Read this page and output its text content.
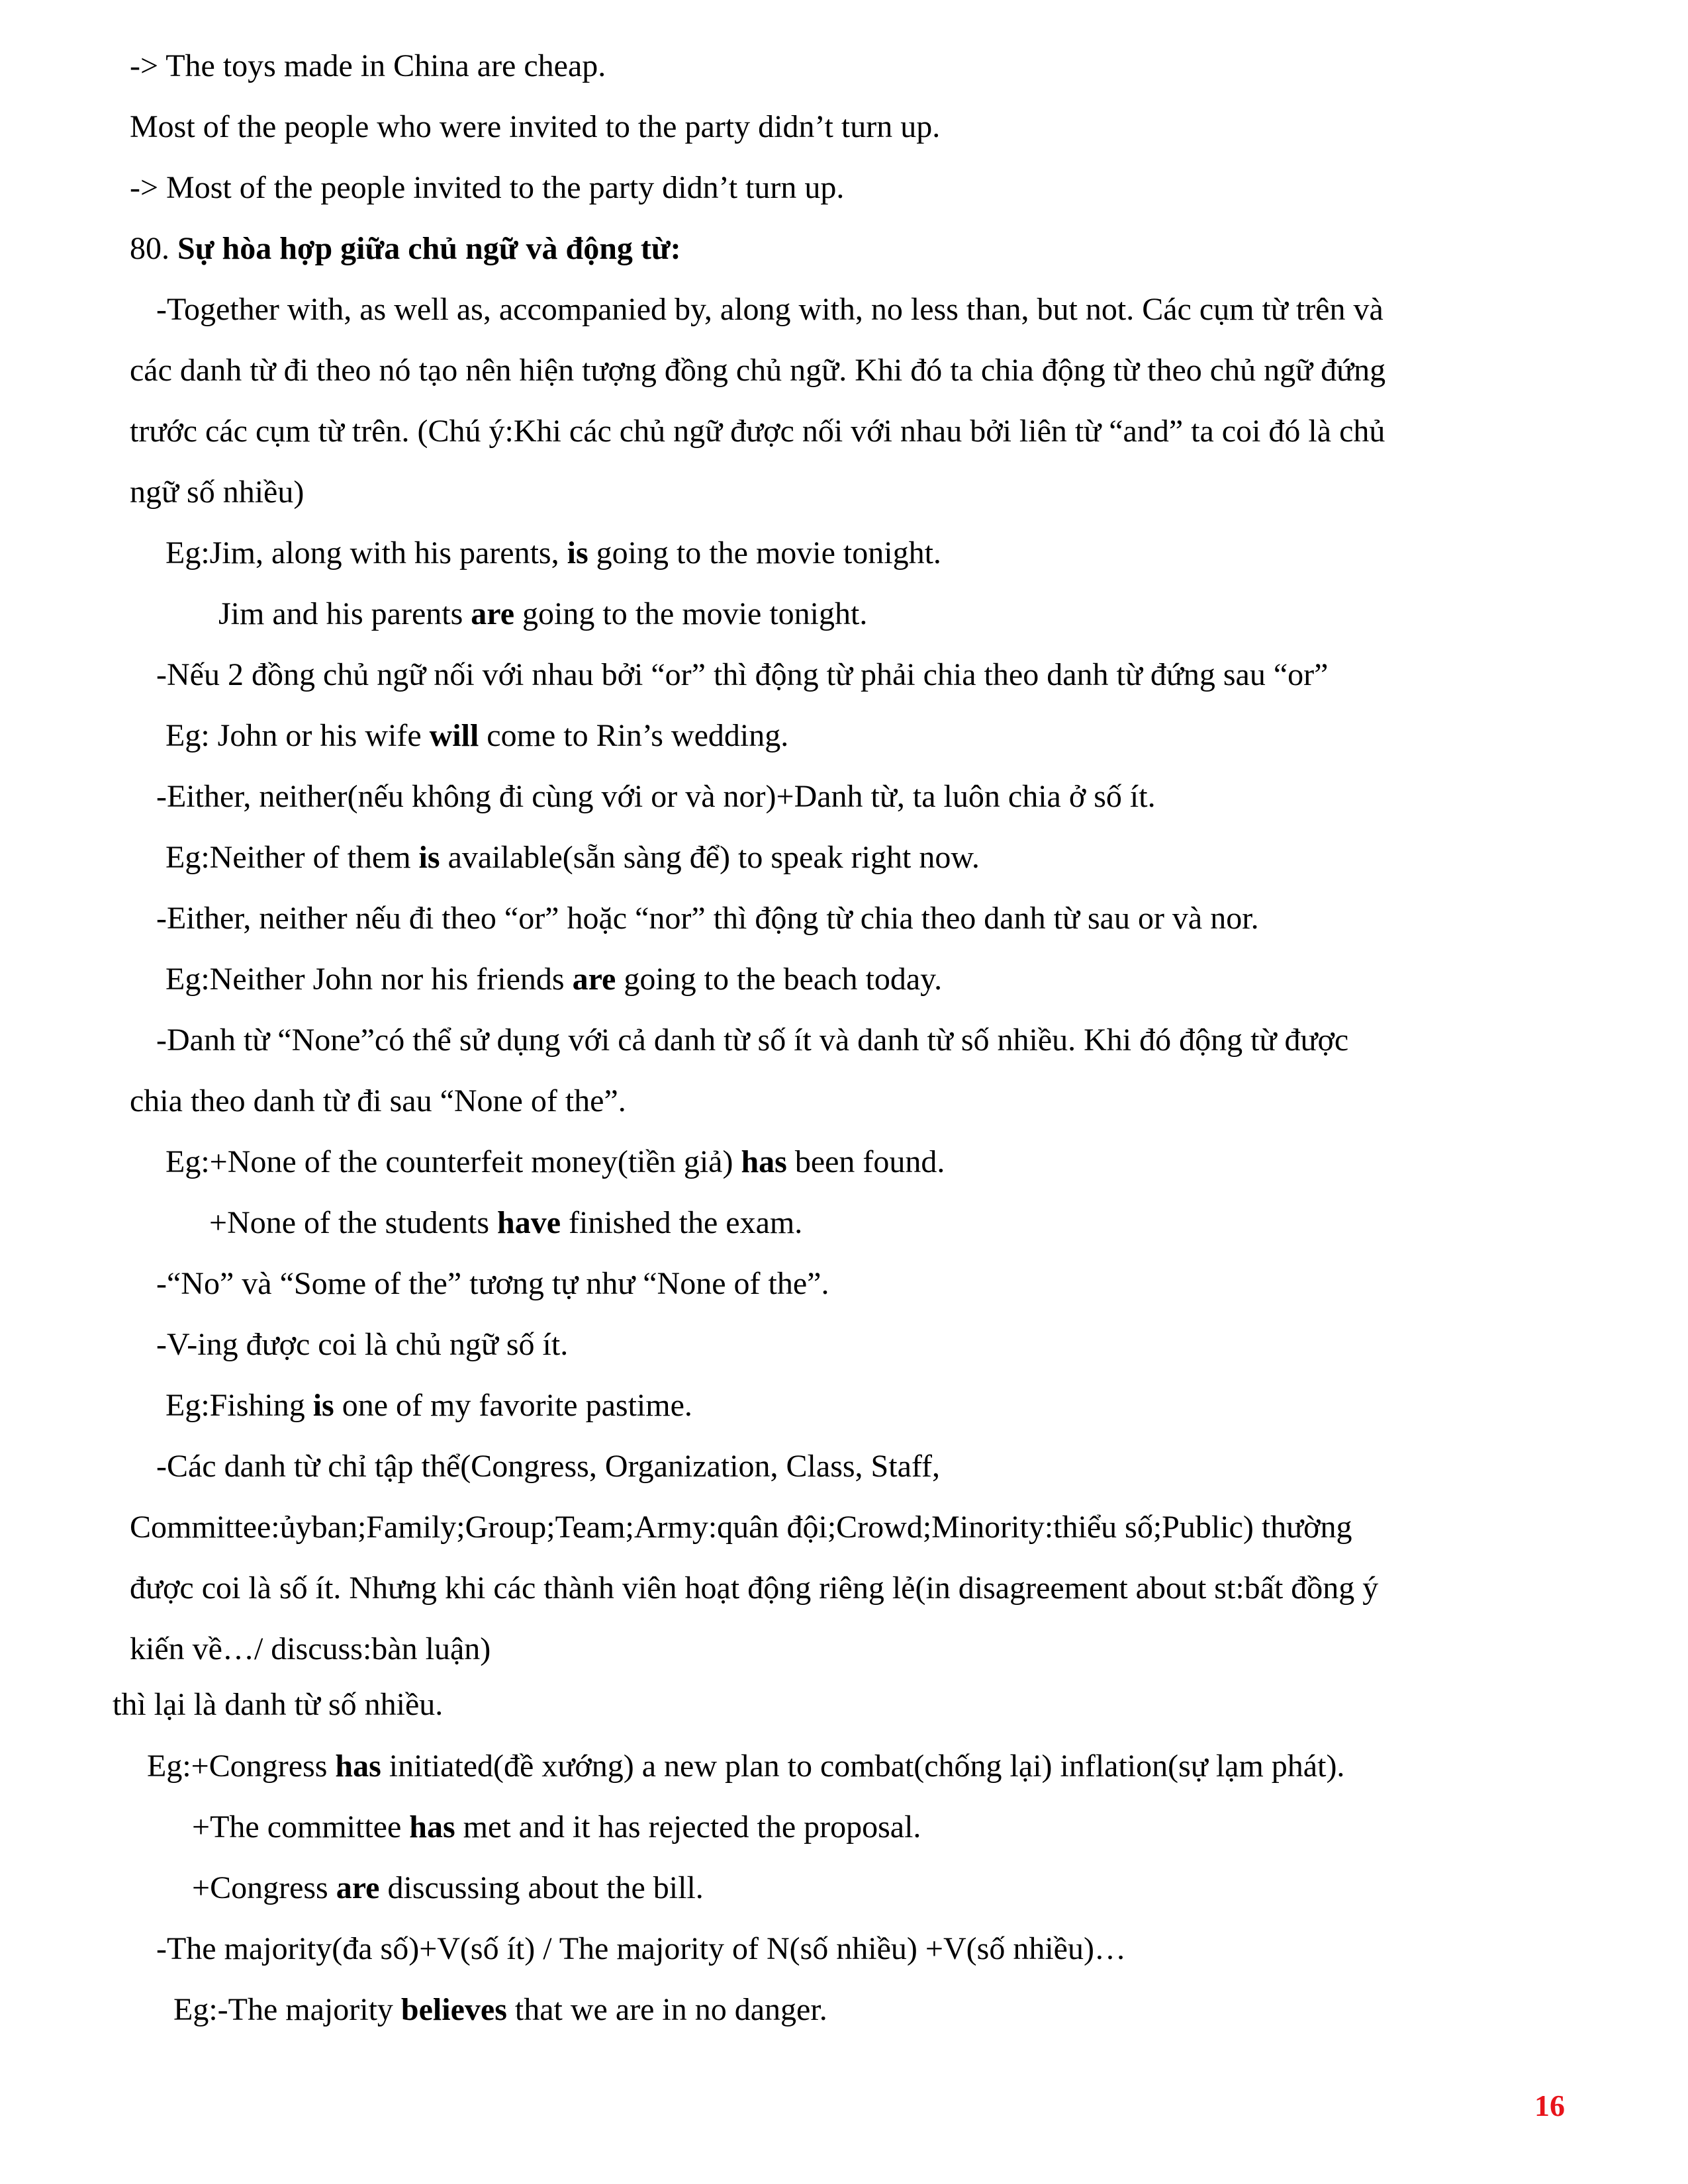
-> The toys made in China are cheap.
Most of the people who were invited to the party didn’t turn up.
-> Most of the people invited to the party didn’t turn up.
80. Sự hòa hợp giữa chủ ngữ và động từ:
-Together with, as well as, accompanied by, along with, no less than, but not. Các cụm từ trên và
các danh từ đi theo nó tạo nên hiện tượng đồng chủ ngữ. Khi đó ta chia động từ theo chủ ngữ đứng
trước các cụm từ trên. (Chú ý:Khi các chủ ngữ được nối với nhau bởi liên từ “and” ta coi đó là chủ
ngữ số nhiều)
Eg:Jim, along with his parents, is going to the movie tonight.
Jim and his parents are going to the movie tonight.
-Nếu 2 đồng chủ ngữ nối với nhau bởi “or” thì động từ phải chia theo danh từ đứng sau “or”
Eg: John or his wife will come to Rin’s wedding.
-Either, neither(nếu không đi cùng với or và nor)+Danh từ, ta luôn chia ở số ít.
Eg:Neither of them is available(sẵn sàng để) to speak right now.
-Either, neither nếu đi theo “or” hoặc “nor” thì động từ chia theo danh từ sau or và nor.
Eg:Neither John nor his friends are going to the beach today.
-Danh từ “None”có thể sử dụng với cả danh từ số ít và danh từ số nhiều. Khi đó động từ được
chia theo danh từ đi sau “None of the”.
Eg:+None of the counterfeit money(tiền giả) has been found.
+None of the students have finished the exam.
-“No” và “Some of the” tương tự như “None of the”.
-V-ing được coi là chủ ngữ số ít.
Eg:Fishing is one of my favorite pastime.
-Các danh từ chỉ tập thể(Congress, Organization, Class, Staff,
Committee:ủyban;Family;Group;Team;Army:quân đội;Crowd;Minority:thiểu số;Public) thường
được coi là số ít. Nhưng khi các thành viên hoạt động riêng lẻ(in disagreement about st:bất đồng ý
kiến về…/ discuss:bàn luận)
thì lại là danh từ số nhiều.
Eg:+Congress has initiated(đề xướng) a new plan to combat(chống lại) inflation(sự lạm phát).
+The committee has met and it has rejected the proposal.
+Congress are discussing about the bill.
-The majority(đa số)+V(số ít) / The majority of N(số nhiều) +V(số nhiều)…
Eg:-The majority believes that we are in no danger.
16
